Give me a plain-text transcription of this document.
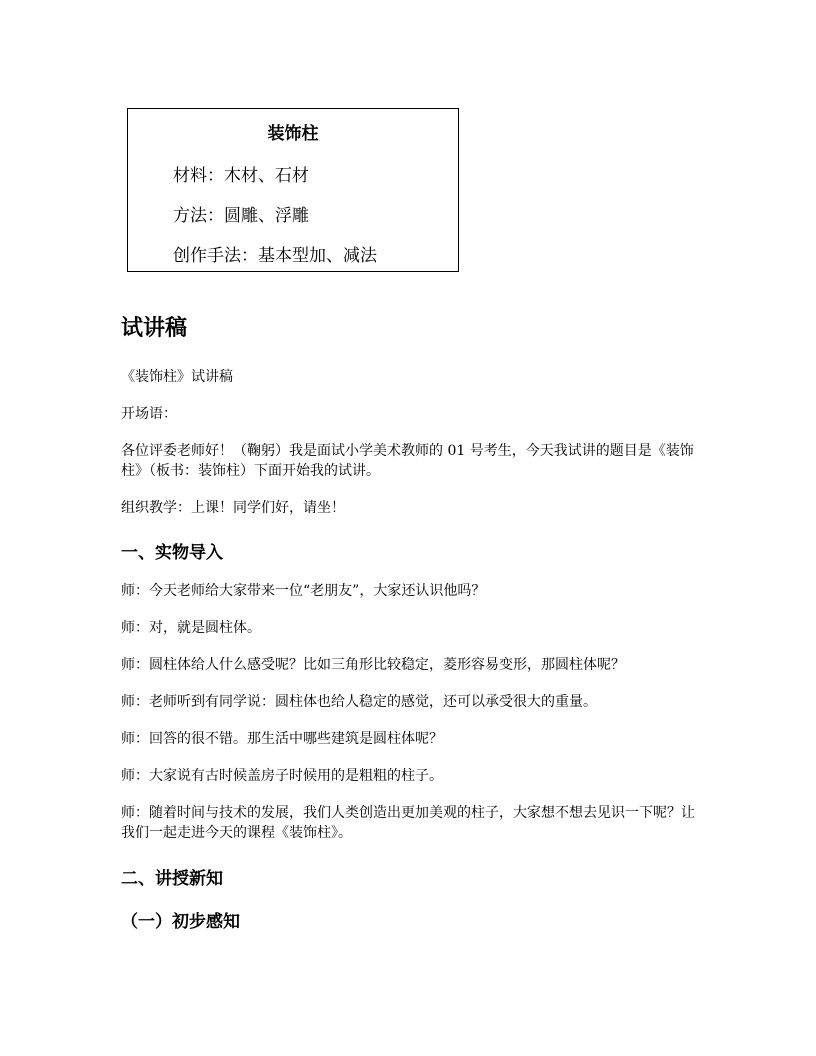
装饰柱
材料：木材、石材
方法：圆雕、浮雕
创作手法：基本型加、减法
试讲稿
《装饰柱》试讲稿
开场语：
各位评委老师好！（鞠躬）我是面试小学美术教师的 01 号考生，今天我试讲的题目是《装饰柱》（板书：装饰柱）下面开始我的试讲。
组织教学：上课！同学们好，请坐！
一、实物导入
师：今天老师给大家带来一位“老朋友”，大家还认识他吗？
师：对，就是圆柱体。
师：圆柱体给人什么感受呢？比如三角形比较稳定，菱形容易变形，那圆柱体呢？
师：老师听到有同学说：圆柱体也给人稳定的感觉，还可以承受很大的重量。
师：回答的很不错。那生活中哪些建筑是圆柱体呢？
师：大家说有古时候盖房子时候用的是粗粗的柱子。
师：随着时间与技术的发展，我们人类创造出更加美观的柱子，大家想不想去见识一下呢？让我们一起走进今天的课程《装饰柱》。
二、讲授新知
（一）初步感知
